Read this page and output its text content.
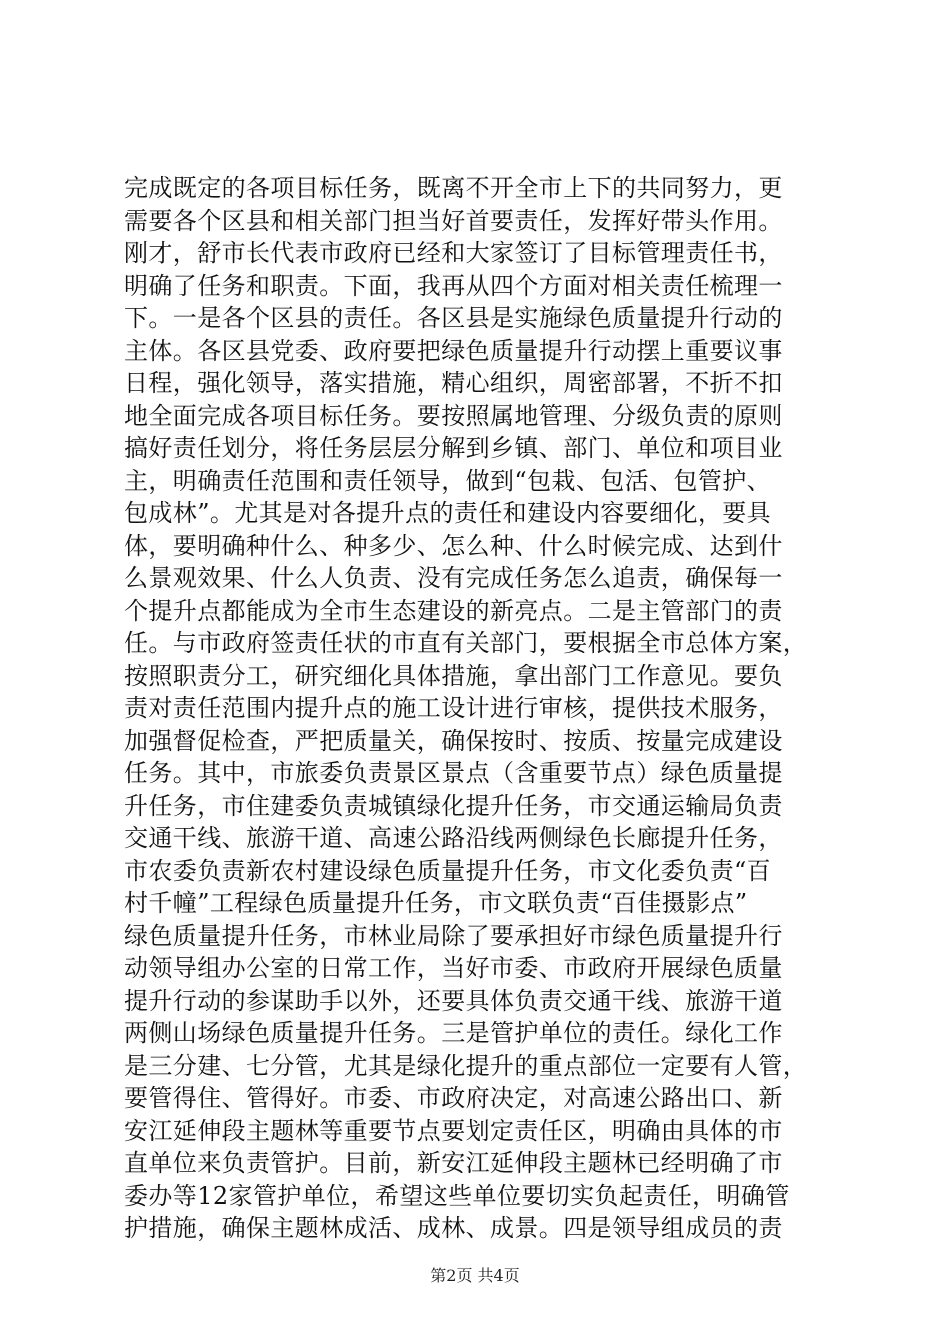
完成既定的各项目标任务，既离不开全市上下的共同努力，更
需要各个区县和相关部门担当好首要责任，发挥好带头作用。
刚才，舒市长代表市政府已经和大家签订了目标管理责任书，
明确了任务和职责。下面，我再从四个方面对相关责任梳理一
下。一是各个区县的责任。各区县是实施绿色质量提升行动的
主体。各区县党委、政府要把绿色质量提升行动摆上重要议事
日程，强化领导，落实措施，精心组织，周密部署，不折不扣
地全面完成各项目标任务。要按照属地管理、分级负责的原则
搞好责任划分，将任务层层分解到乡镇、部门、单位和项目业
主，明确责任范围和责任领导，做到“包栽、包活、包管护、
包成林”。尤其是对各提升点的责任和建设内容要细化，要具
体，要明确种什么、种多少、怎么种、什么时候完成、达到什
么景观效果、什么人负责、没有完成任务怎么追责，确保每一
个提升点都能成为全市生态建设的新亮点。二是主管部门的责
任。与市政府签责任状的市直有关部门，要根据全市总体方案，
按照职责分工，研究细化具体措施，拿出部门工作意见。要负
责对责任范围内提升点的施工设计进行审核，提供技术服务，
加强督促检查，严把质量关，确保按时、按质、按量完成建设
任务。其中，市旅委负责景区景点（含重要节点）绿色质量提
升任务，市住建委负责城镇绿化提升任务，市交通运输局负责
交通干线、旅游干道、高速公路沿线两侧绿色长廊提升任务，
市农委负责新农村建设绿色质量提升任务，市文化委负责“百
村千幢”工程绿色质量提升任务，市文联负责“百佳摄影点”
绿色质量提升任务，市林业局除了要承担好市绿色质量提升行
动领导组办公室的日常工作，当好市委、市政府开展绿色质量
提升行动的参谋助手以外，还要具体负责交通干线、旅游干道
两侧山场绿色质量提升任务。三是管护单位的责任。绿化工作
是三分建、七分管，尤其是绿化提升的重点部位一定要有人管，
要管得住、管得好。市委、市政府决定，对高速公路出口、新
安江延伸段主题林等重要节点要划定责任区，明确由具体的市
直单位来负责管护。目前，新安江延伸段主题林已经明确了市
委办等12家管护单位，希望这些单位要切实负起责任，明确管
护措施，确保主题林成活、成林、成景。四是领导组成员的责
第2页 共4页
